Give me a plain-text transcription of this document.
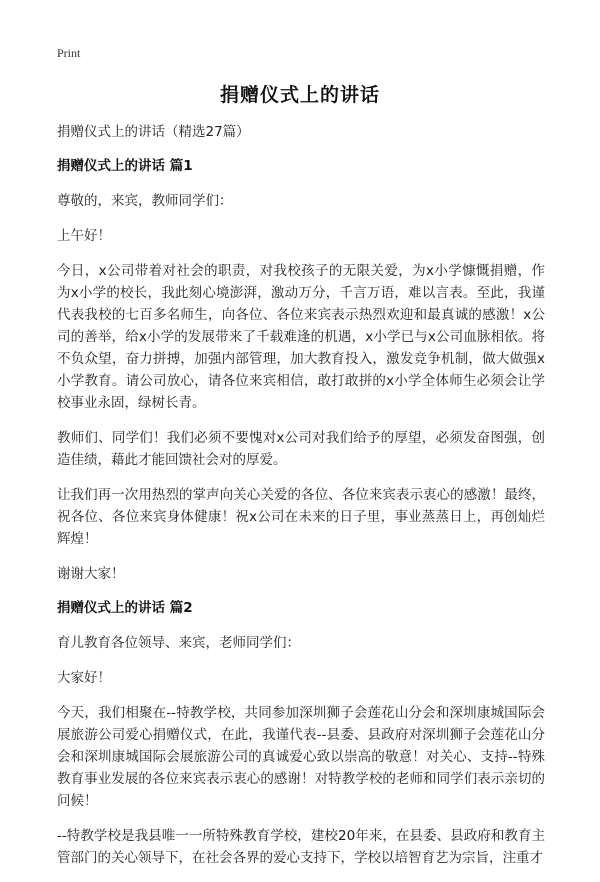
Print
捐赠仪式上的讲话

捐赠仪式上的讲话（精选27篇）

捐赠仪式上的讲话 篇1

尊敬的，来宾，教师同学们：

上午好！

今日，x公司带着对社会的职责，对我校孩子的无限关爱，为x小学慷慨捐赠，作为x小学的校长，我此刻心境澎湃，激动万分，千言万语，难以言表。至此，我谨代表我校的七百多名师生，向各位、各位来宾表示热烈欢迎和最真诚的感激！x公司的善举，给x小学的发展带来了千载难逢的机遇，x小学已与x公司血脉相依。将不负众望，奋力拼搏，加强内部管理，加大教育投入，激发竞争机制，做大做强x小学教育。请公司放心，请各位来宾相信，敢打敢拼的x小学全体师生必须会让学校事业永固，绿树长青。

教师们、同学们！我们必须不要愧对x公司对我们给予的厚望，必须发奋图强，创造佳绩，藉此才能回馈社会对的厚爱。

让我们再一次用热烈的掌声向关心关爱的各位、各位来宾表示衷心的感激！最终，祝各位、各位来宾身体健康！祝x公司在未来的日子里，事业蒸蒸日上，再创灿烂辉煌！

谢谢大家！

捐赠仪式上的讲话 篇2

育儿教育各位领导、来宾，老师同学们：

大家好！

今天，我们相聚在--特教学校，共同参加深圳狮子会莲花山分会和深圳康城国际会展旅游公司爱心捐赠仪式，在此，我谨代表--县委、县政府对深圳狮子会莲花山分会和深圳康城国际会展旅游公司的真诚爱心致以崇高的敬意！对关心、支持--特殊教育事业发展的各位来宾表示衷心的感谢！对特教学校的老师和同学们表示亲切的问候！

--特教学校是我县唯一一所特殊教育学校，建校20年来，在县委、县政府和教育主管部门的关心领导下，在社会各界的爱心支持下，学校以培智育艺为宗旨，注重才
